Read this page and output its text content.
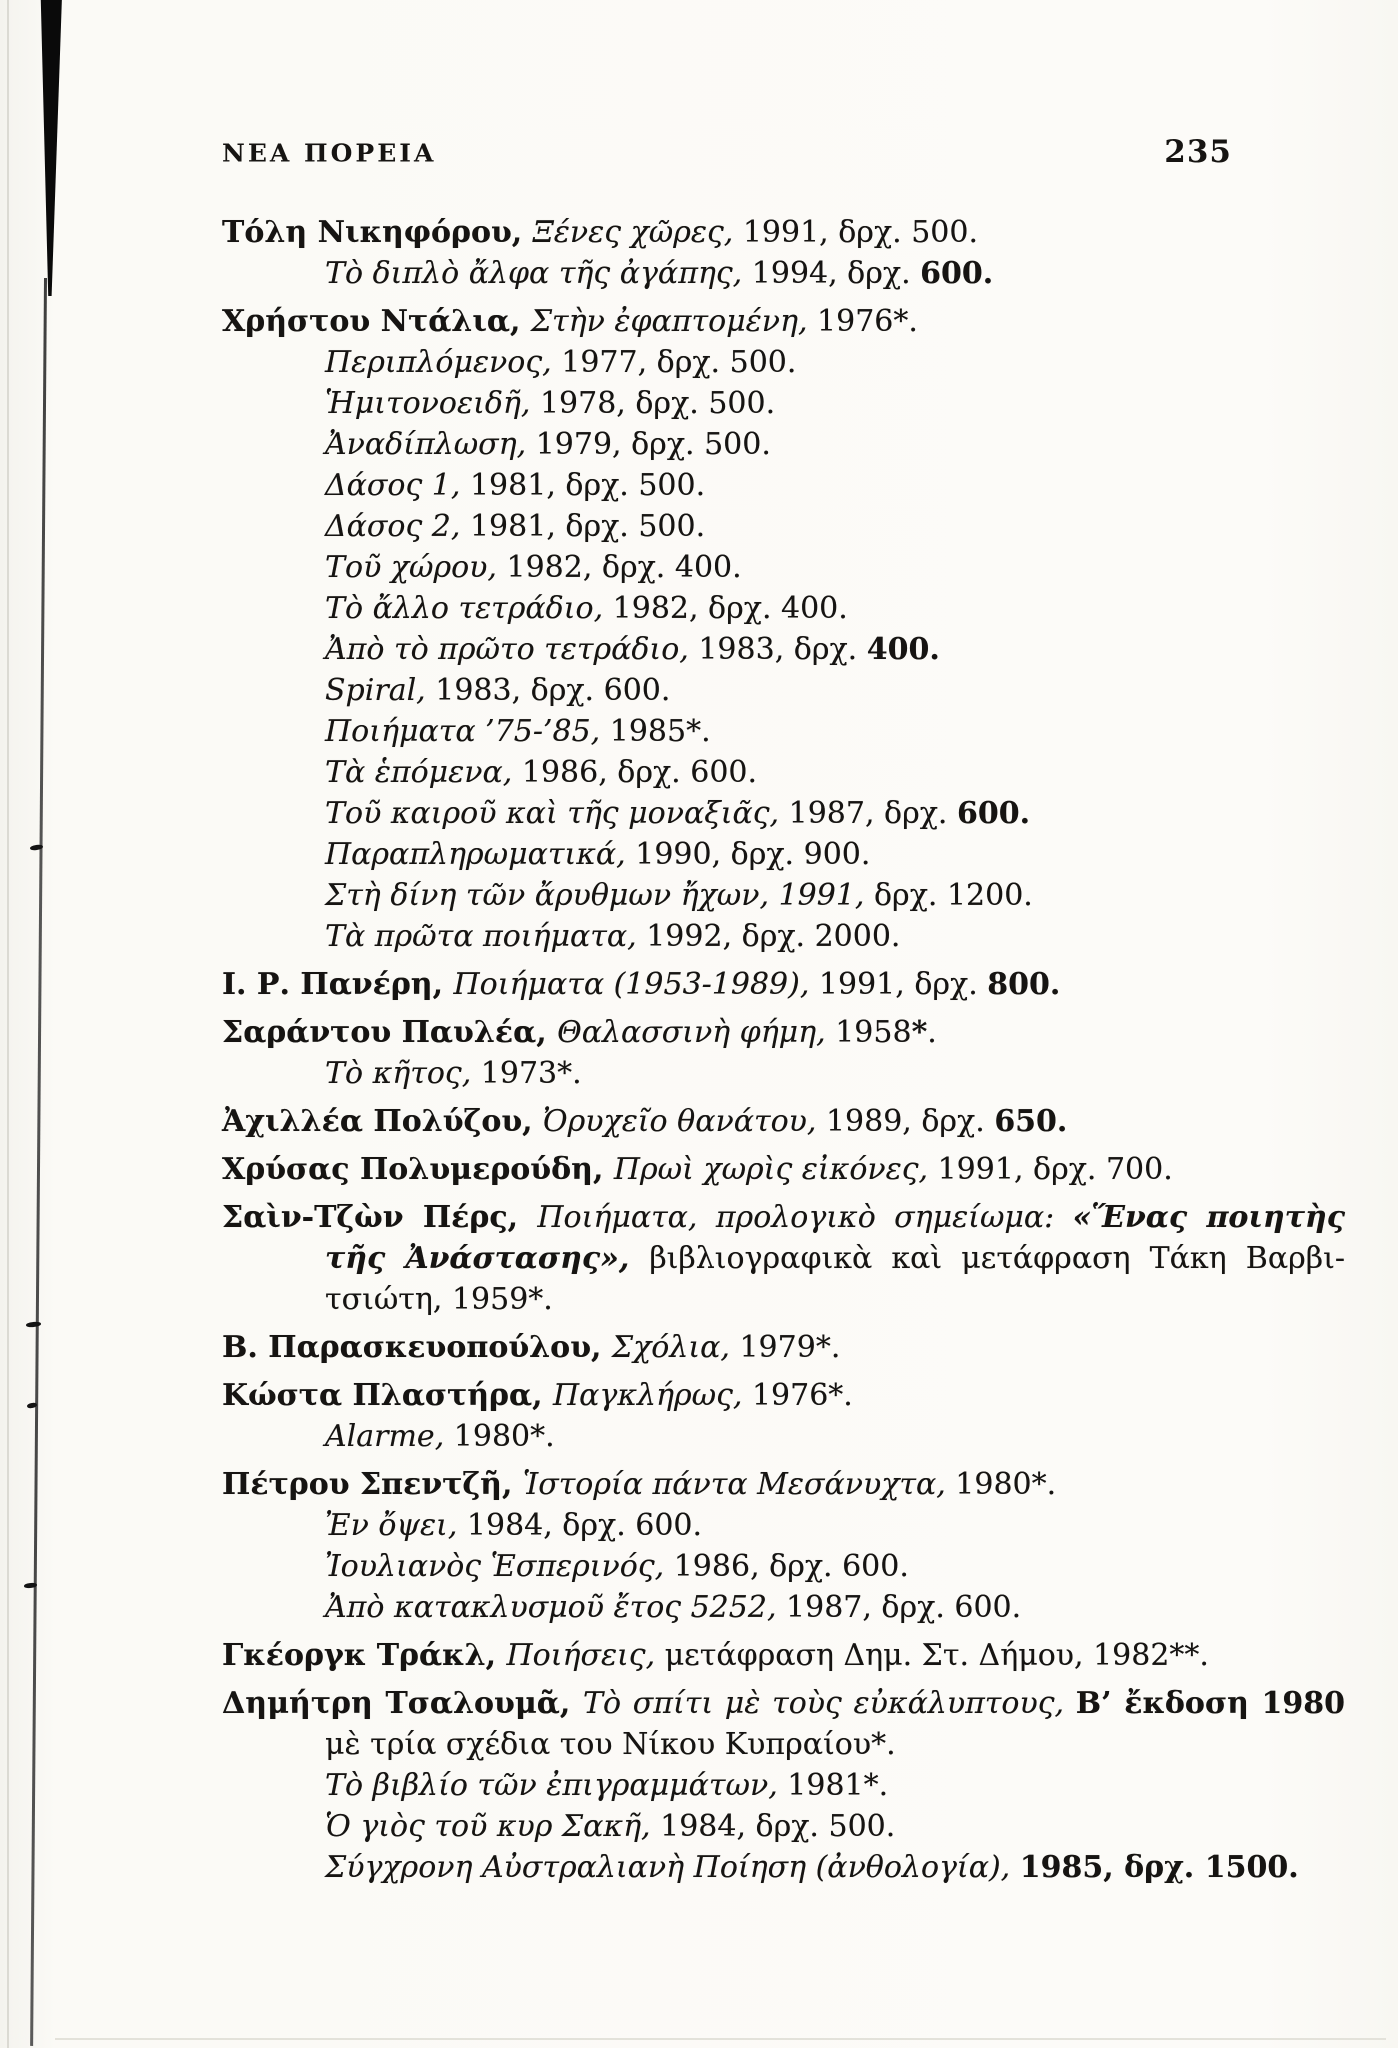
ΝΕΑ ΠΟΡΕΙΑ	235
Τόλη Νικηφόρου, Ξένες χῶρες, 1991, δρχ. 500.
Τὸ διπλὸ ἄλφα τῆς ἀγάπης, 1994, δρχ. 600.
Χρήστου Ντάλια, Στὴν ἐφαπτομένη, 1976*.
Περιπλόμενος, 1977, δρχ. 500.
Ἡμιτονοειδῆ, 1978, δρχ. 500.
Ἀναδίπλωση, 1979, δρχ. 500.
Δάσος 1, 1981, δρχ. 500.
Δάσος 2, 1981, δρχ. 500.
Τοῦ χώρου, 1982, δρχ. 400.
Τὸ ἄλλο τετράδιο, 1982, δρχ. 400.
Ἀπὸ τὸ πρῶτο τετράδιο, 1983, δρχ. 400.
Spiral, 1983, δρχ. 600.
Ποιήματα ’75-’85, 1985*.
Τὰ ἑπόμενα, 1986, δρχ. 600.
Τοῦ καιροῦ καὶ τῆς μοναξιᾶς, 1987, δρχ. 600.
Παραπληρωματικά, 1990, δρχ. 900.
Στὴ δίνη τῶν ἄρυθμων ἤχων, 1991, δρχ. 1200.
Τὰ πρῶτα ποιήματα, 1992, δρχ. 2000.
Ι. Ρ. Πανέρη, Ποιήματα (1953-1989), 1991, δρχ. 800.
Σαράντου Παυλέα, Θαλασσινὴ φήμη, 1958*.
Τὸ κῆτος, 1973*.
Ἀχιλλέα Πολύζου, Ὀρυχεῖο θανάτου, 1989, δρχ. 650.
Χρύσας Πολυμερούδη, Πρωὶ χωρὶς εἰκόνες, 1991, δρχ. 700.
Σαὶν-Τζὼν Πέρς, Ποιήματα, προλογικὸ σημείωμα: «Ἕνας ποιητὴς
τῆς Ἀνάστασης», βιβλιογραφικὰ καὶ μετάφραση Τάκη Βαρβι-
τσιώτη, 1959*.
Β. Παρασκευοπούλου, Σχόλια, 1979*.
Κώστα Πλαστήρα, Παγκλήρως, 1976*.
Alarme, 1980*.
Πέτρου Σπεντζῆ, Ἱστορία πάντα Μεσάνυχτα, 1980*.
Ἐν ὄψει, 1984, δρχ. 600.
Ἰουλιανὸς Ἑσπερινός, 1986, δρχ. 600.
Ἀπὸ κατακλυσμοῦ ἔτος 5252, 1987, δρχ. 600.
Γκέοργκ Τράκλ, Ποιήσεις, μετάφραση Δημ. Στ. Δήμου, 1982**.
Δημήτρη Τσαλουμᾶ, Τὸ σπίτι μὲ τοὺς εὐκάλυπτους, Β’ ἔκδοση 1980
μὲ τρία σχέδια του Νίκου Κυπραίου*.
Τὸ βιβλίο τῶν ἐπιγραμμάτων, 1981*.
Ὁ γιὸς τοῦ κυρ Σακῆ, 1984, δρχ. 500.
Σύγχρονη Αὐστραλιανὴ Ποίηση (ἀνθολογία), 1985, δρχ. 1500.
